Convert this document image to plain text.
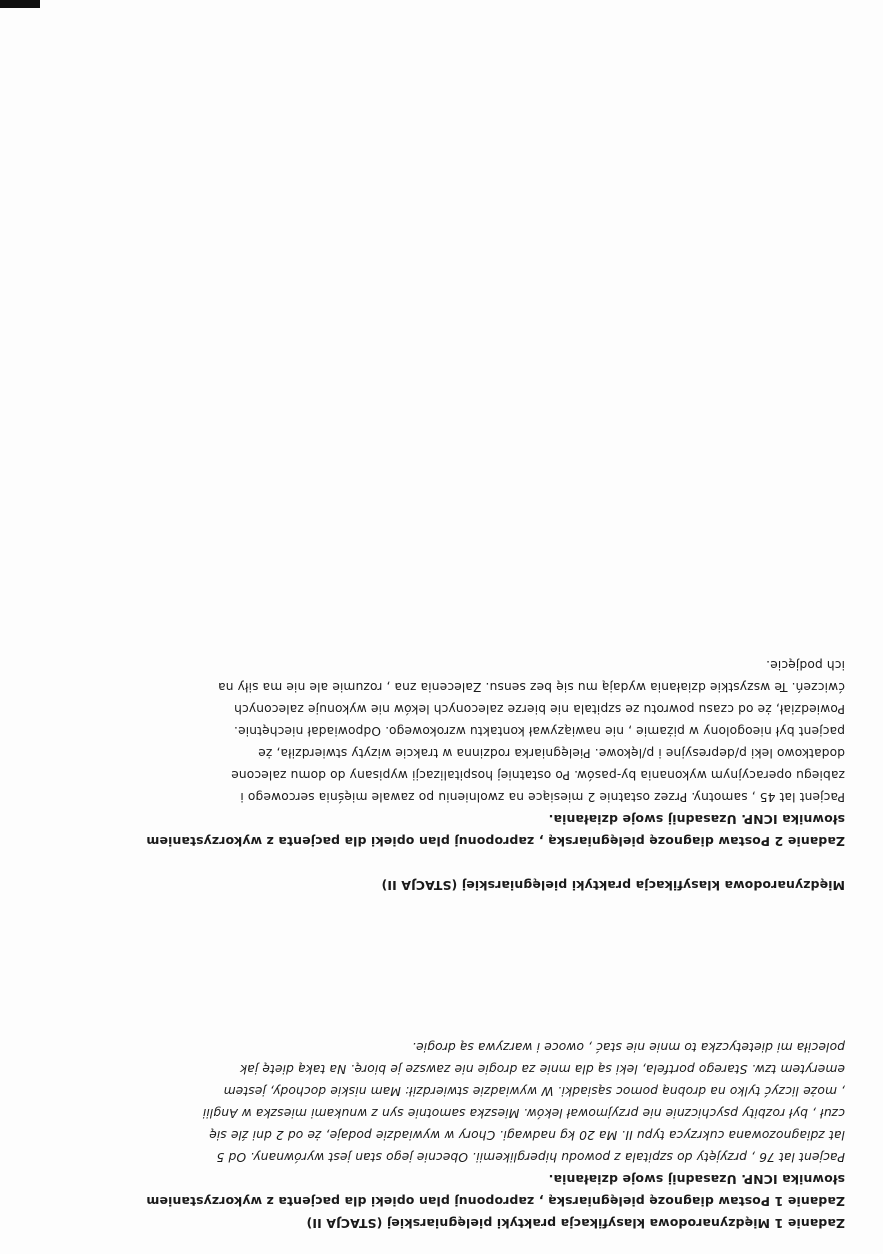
Zadanie 1 Międzynarodowa klasyfikacja praktyki pielęgniarskiej (STACJA II)

Zadanie 1 Postaw diagnozę pielęgniarską , zaproponuj plan opieki dla pacjenta z wykorzystaniem

słownika ICNP. Uzasadnij swoje działania.

Pacjent lat 76 , przyjęty do szpitala z powodu hiperglikemii. Obecnie jego stan jest wyrównany. Od 5

lat zdiagnozowana cukrzyca typu II. Ma 20 kg nadwagi. Chory w wywiadzie podaje, że od 2 dni źle się

czuł , był rozbity psychicznie nie przyjmował leków. Mieszka samotnie syn z wnukami mieszka w Anglii

, może liczyć tylko na drobną pomoc sąsiadki. W wywiadzie stwierdził: Mam niskie dochody, jestem

emerytem tzw. Starego portfela, leki są dla mnie za drogie nie zawsze je biorę. Na taką dietę jak

poleciła mi dietetyczka to mnie nie stać , owoce i warzywa są drogie.

Międzynarodowa klasyfikacja praktyki pielęgniarskiej (STACJA II)

Zadanie 2 Postaw diagnozę pielęgniarską , zaproponuj plan opieki dla pacjenta z wykorzystaniem

słownika ICNP. Uzasadnij swoje działania.

Pacjent lat 45 , samotny. Przez ostatnie 2 miesiące na zwolnieniu po zawale mięśnia sercowego i

zabiegu operacyjnym wykonania by-pasów. Po ostatniej hospitalizacji wypisany do domu zalecone

dodatkowo leki p/depresyjne i p/lękowe. Pielęgniarka rodzinna w trakcie wizyty stwierdziła, że

pacjent był nieogolony w piżamie , nie nawiązywał kontaktu wzrokowego. Odpowiadał niechętnie.

Powiedział, że od czasu powrotu ze szpitala nie bierze zaleconych leków nie wykonuje zaleconych

ćwiczeń. Te wszystkie działania wydają mu się bez sensu. Zalecenia zna , rozumie ale nie ma siły na

ich podjęcie.
